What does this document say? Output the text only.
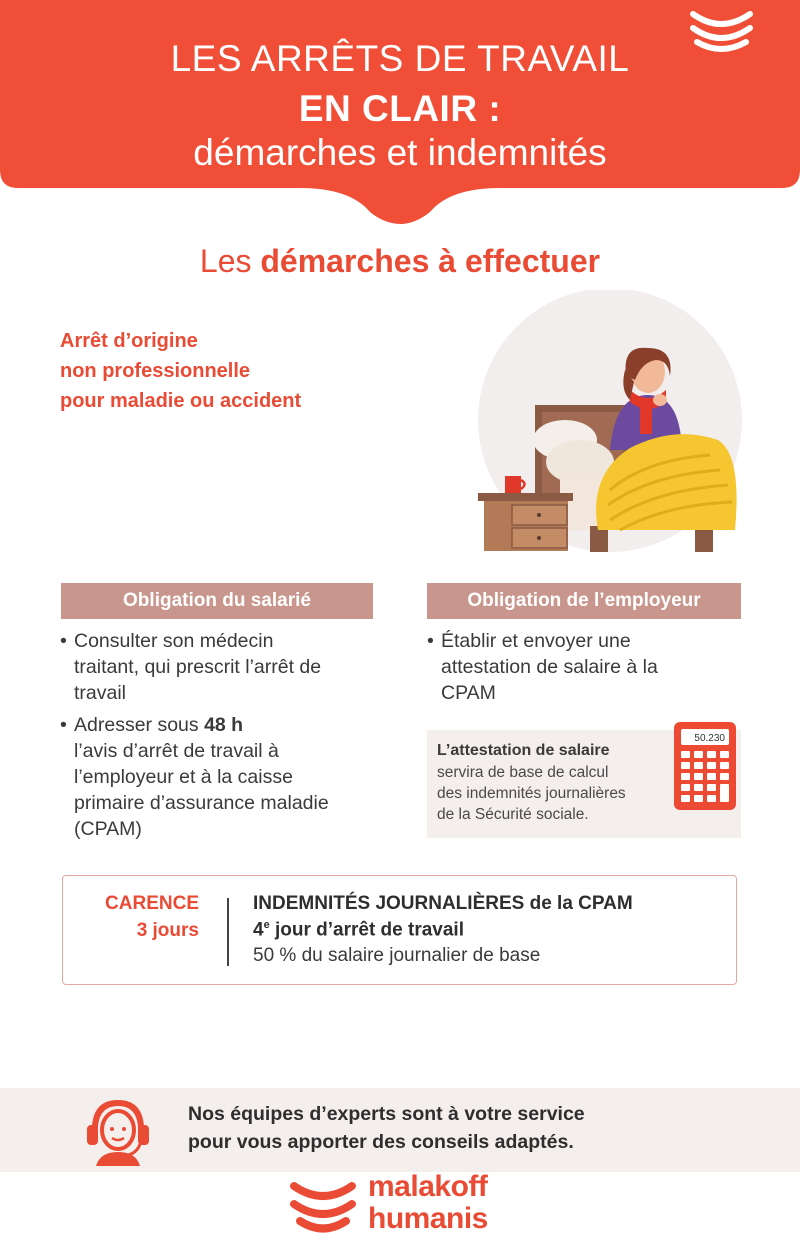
LES ARRÊTS DE TRAVAIL
EN CLAIR :
démarches et indemnités
Les démarches à effectuer
Arrêt d’origine
non professionnelle
pour maladie ou accident
Obligation du salarié	Obligation de l’employeur
• Consulter son médecin
traitant, qui prescrit l’arrêt de
travail
• Adresser sous 48 h
l’avis d’arrêt de travail à
l’employeur et à la caisse
primaire d’assurance maladie
(CPAM)
• Établir et envoyer une
attestation de salaire à la
CPAM
L’attestation de salaire
servira de base de calcul
des indemnités journalières
de la Sécurité sociale.
50.230
CARENCE
3 jours
INDEMNITÉS JOURNALIÈRES de la CPAM
4e jour d’arrêt de travail
50 % du salaire journalier de base
Nos équipes d’experts sont à votre service
pour vous apporter des conseils adaptés.
malakoff
humanis
